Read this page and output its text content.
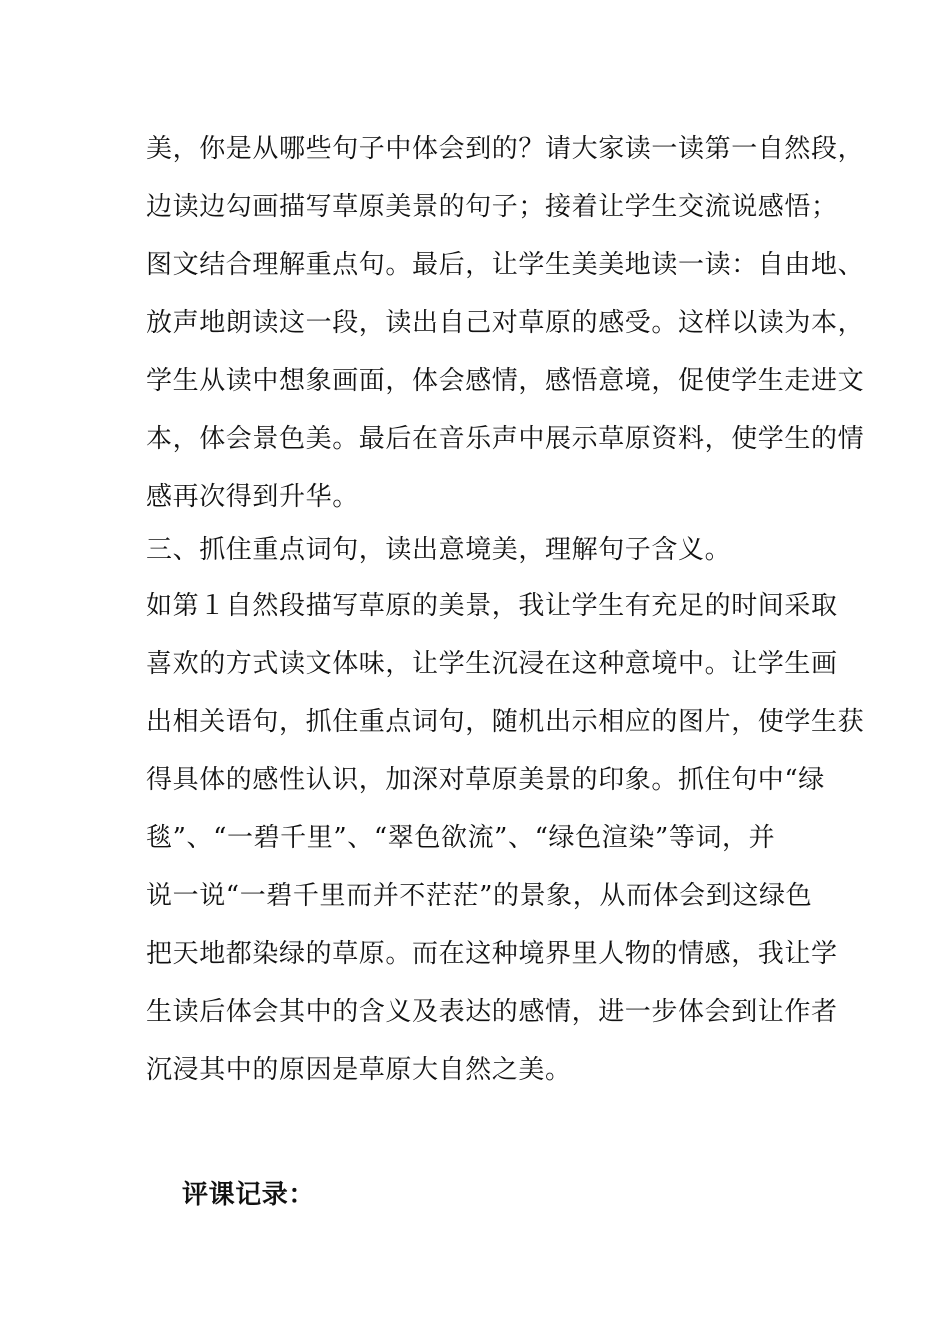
美，你是从哪些句子中体会到的？请大家读一读第一自然段，
边读边勾画描写草原美景的句子；接着让学生交流说感悟；
图文结合理解重点句。最后，让学生美美地读一读：自由地、
放声地朗读这一段，读出自己对草原的感受。这样以读为本，
学生从读中想象画面，体会感情，感悟意境，促使学生走进文
本，体会景色美。最后在音乐声中展示草原资料，使学生的情
感再次得到升华。
三、抓住重点词句，读出意境美，理解句子含义。
如第１自然段描写草原的美景，我让学生有充足的时间采取
喜欢的方式读文体味，让学生沉浸在这种意境中。让学生画
出相关语句，抓住重点词句，随机出示相应的图片，使学生获
得具体的感性认识，加深对草原美景的印象。抓住句中“绿
毯”、“一碧千里”、“翠色欲流”、“绿色渲染”等词，并
说一说“一碧千里而并不茫茫”的景象，从而体会到这绿色
把天地都染绿的草原。而在这种境界里人物的情感，我让学
生读后体会其中的含义及表达的感情，进一步体会到让作者
沉浸其中的原因是草原大自然之美。
评课记录：
